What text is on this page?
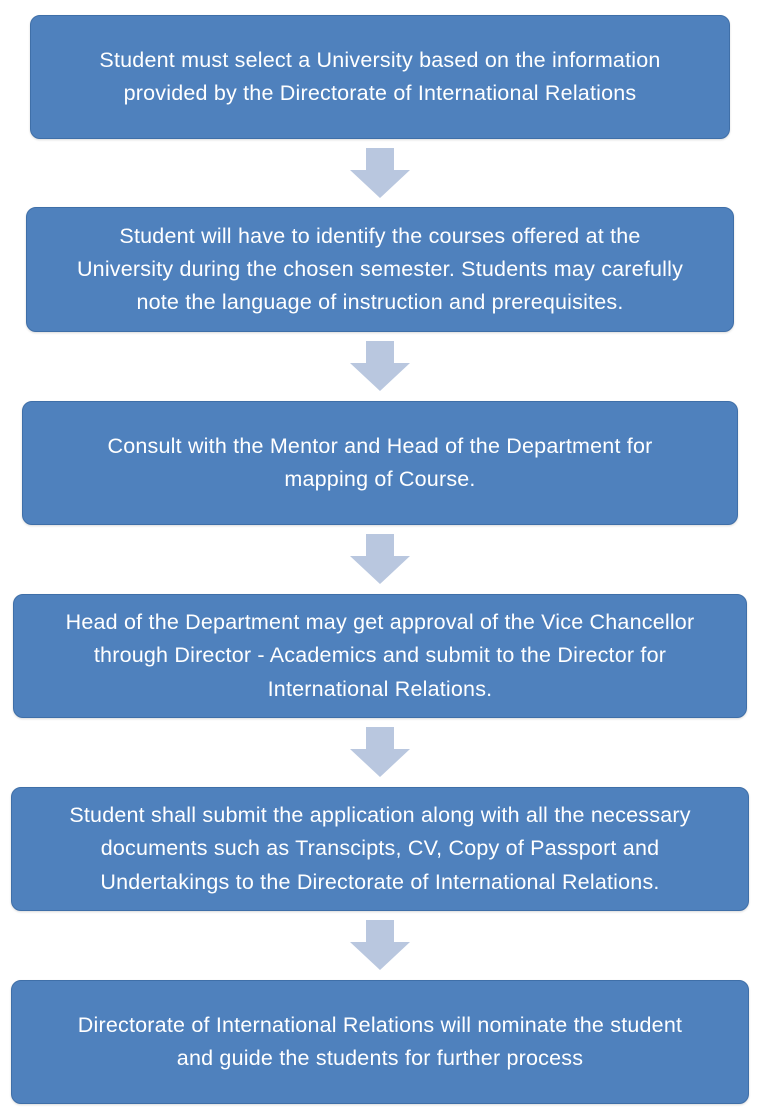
Student must select a University based on the information
provided by the Directorate of International Relations
Student will have to identify the courses offered at the
University during the chosen semester. Students may carefully
note the language of instruction and prerequisites.
Consult with the Mentor and Head of the Department for
mapping of Course.
Head of the Department may get approval of the Vice Chancellor
through Director - Academics and submit to the Director for
International Relations.
Student shall submit the application along with all the necessary
documents such as Transcipts, CV, Copy of Passport and
Undertakings to the Directorate of International Relations.
Directorate of International Relations will nominate the student
and guide the students for further process
